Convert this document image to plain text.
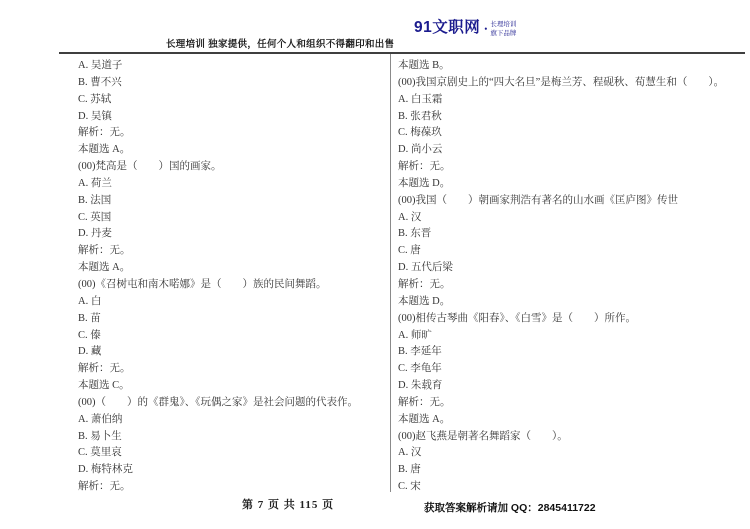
长理培训 独家提供，任何个人和组织不得翻印和出售
91文职网 • 长理培训
旗下品牌

A. 吴道子

B. 曹不兴

C. 苏轼

D. 吴镇

解析：无。

本题选 A。

(00)梵高是（　　）国的画家。

A. 荷兰

B. 法国

C. 英国

D. 丹麦

解析：无。

本题选 A。

(00)《召树屯和南木喏娜》是（　　）族的民间舞蹈。

A. 白

B. 苗

C. 傣

D. 藏

解析：无。

本题选 C。

(00)（　　）的《群鬼》、《玩偶之家》是社会问题的代表作。

A. 萧伯纳

B. 易卜生

C. 莫里哀

D. 梅特林克

解析：无。

本题选 B。

(00)我国京剧史上的“四大名旦”是梅兰芳、程砚秋、荀慧生和（　　）。

A. 白玉霜

B. 张君秋

C. 梅葆玖

D. 尚小云

解析：无。

本题选 D。

(00)我国（　　）朝画家荆浩有著名的山水画《匡庐图》传世

A. 汉

B. 东晋

C. 唐

D. 五代后梁

解析：无。

本题选 D。

(00)相传古琴曲《阳春》、《白雪》是（　　）所作。

A. 师旷

B. 李延年

C. 李龟年

D. 朱载育

解析：无。

本题选 A。

(00)赵飞燕是朝著名舞蹈家（　　）。

A. 汉

B. 唐

C. 宋

第 7 页 共 115 页	获取答案解析请加 QQ：2845411722
